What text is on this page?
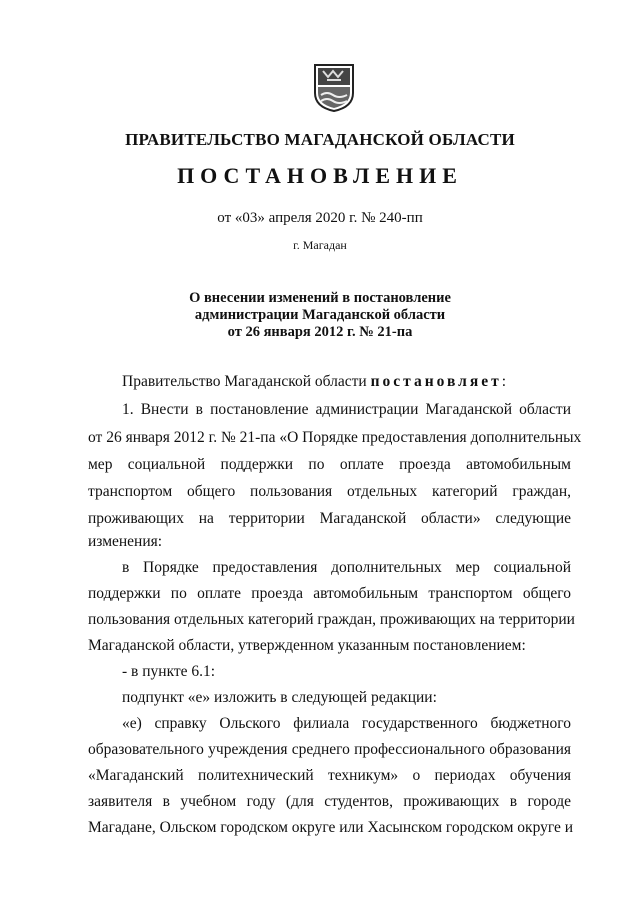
ПРАВИТЕЛЬСТВО МАГАДАНСКОЙ ОБЛАСТИ
ПОСТАНОВЛЕНИЕ
от «03» апреля 2020 г. № 240-пп
г. Магадан
О внесении изменений в постановление
администрации Магаданской области
от 26 января 2012 г. № 21-па
Правительство Магаданской области постановляет:
1. Внести в постановление администрации Магаданской области
от 26 января 2012 г. № 21-па «О Порядке предоставления дополнительных
мер социальной поддержки по оплате проезда автомобильным
транспортом общего пользования отдельных категорий граждан,
проживающих на территории Магаданской области» следующие
изменения:
в Порядке предоставления дополнительных мер социальной
поддержки по оплате проезда автомобильным транспортом общего
пользования отдельных категорий граждан, проживающих на территории
Магаданской области, утвержденном указанным постановлением:
- в пункте 6.1:
подпункт «е» изложить в следующей редакции:
«е) справку Ольского филиала государственного бюджетного
образовательного учреждения среднего профессионального образования
«Магаданский политехнический техникум» о периодах обучения
заявителя в учебном году (для студентов, проживающих в городе
Магадане, Ольском городском округе или Хасынском городском округе и
